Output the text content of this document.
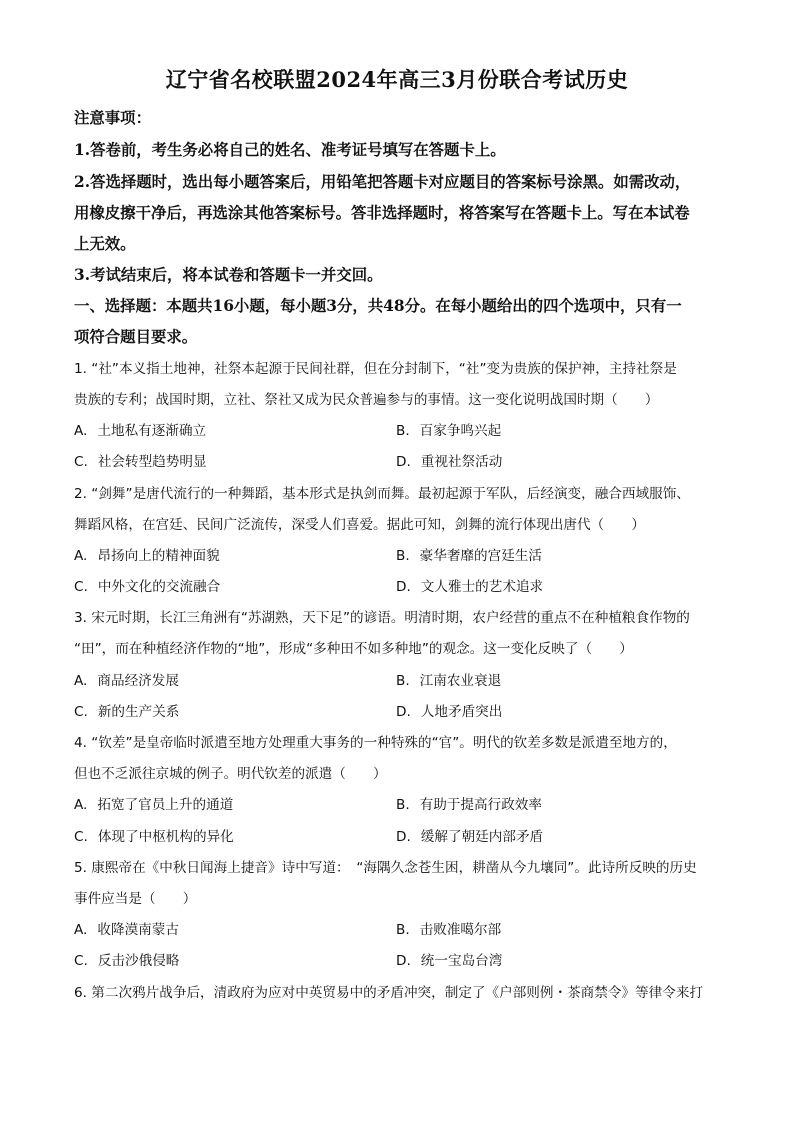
辽宁省名校联盟2024年高三3月份联合考试历史
注意事项：
1.答卷前，考生务必将自己的姓名、准考证号填写在答题卡上。
2.答选择题时，选出每小题答案后，用铅笔把答题卡对应题目的答案标号涂黑。如需改动，
用橡皮擦干净后，再选涂其他答案标号。答非选择题时，将答案写在答题卡上。写在本试卷
上无效。
3.考试结束后，将本试卷和答题卡一并交回。
一、选择题：本题共16小题，每小题3分，共48分。在每小题给出的四个选项中，只有一
项符合题目要求。
1. “社”本义指土地神，社祭本起源于民间社群，但在分封制下，“社”变为贵族的保护神，主持社祭是
贵族的专利；战国时期，立社、祭社又成为民众普遍参与的事情。这一变化说明战国时期（　　）
A. 土地私有逐渐确立	B. 百家争鸣兴起
C. 社会转型趋势明显	D. 重视社祭活动
2. “剑舞”是唐代流行的一种舞蹈，基本形式是执剑而舞。最初起源于军队，后经演变，融合西域服饰、
舞蹈风格，在宫廷、民间广泛流传，深受人们喜爱。据此可知，剑舞的流行体现出唐代（　　）
A. 昂扬向上的精神面貌	B. 豪华奢靡的宫廷生活
C. 中外文化的交流融合	D. 文人雅士的艺术追求
3. 宋元时期，长江三角洲有“苏湖熟，天下足”的谚语。明清时期，农户经营的重点不在种植粮食作物的
“田”，而在种植经济作物的“地”，形成“多种田不如多种地”的观念。这一变化反映了（　　）
A. 商品经济发展	B. 江南农业衰退
C. 新的生产关系	D. 人地矛盾突出
4. “钦差”是皇帝临时派遣至地方处理重大事务的一种特殊的“官”。明代的钦差多数是派遣至地方的，
但也不乏派往京城的例子。明代钦差的派遣（　　）
A. 拓宽了官员上升的通道	B. 有助于提高行政效率
C. 体现了中枢机构的异化	D. 缓解了朝廷内部矛盾
5. 康熙帝在《中秋日闻海上捷音》诗中写道：　“海隅久念苍生困，耕凿从今九壤同”。此诗所反映的历史
事件应当是（　　）
A. 收降漠南蒙古	B. 击败准噶尔部
C. 反击沙俄侵略	D. 统一宝岛台湾
6. 第二次鸦片战争后，清政府为应对中英贸易中的矛盾冲突，制定了《户部则例・茶商禁令》等律令来打
